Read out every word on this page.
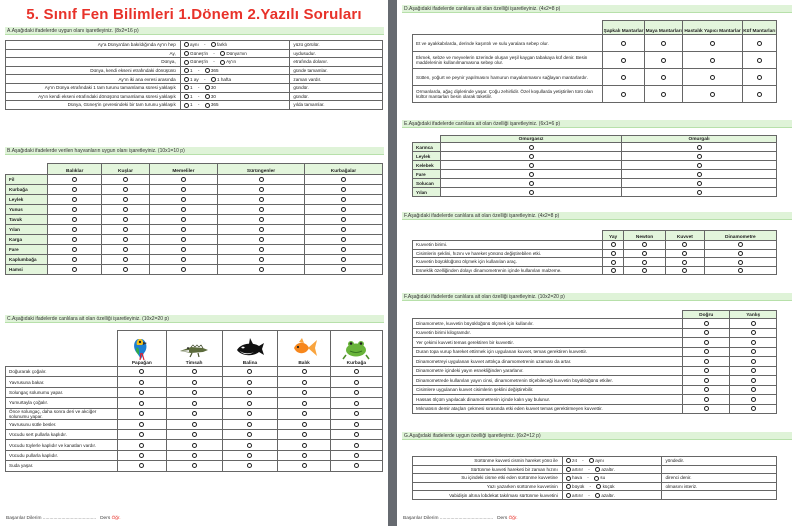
5. Sınıf Fen Bilimleri 1.Dönem 2.Yazılı Soruları
A.Aşağıdaki ifadelerde uygun olanı işaretleyiniz. (8x2=16 p)
Ay'a Dünya'dan bakıldığında Ay'ın hep	aynı - farklı	yüzü görülür.
Ay,	Güneş'in - Dünya'nın	uydusudur.
Dünya,	Güneş'in - Ay'ın	etrafında dolanır.
Dünya, kendi ekseni etrafındaki dönüşünü	1 - 365	günde tamamlar.
Ay'ın iki ana evresi arasında	1 ay - 1 hafta	zaman vardır.
Ay'ın Dünya etrafındaki 1 tam turunu tamamlama süresi yaklaşık	1 - 30	gündür.
Ay'ın kendi ekseni etrafındaki dönüşünü tamamlama süresi yaklaşık	1 - 30	gündür.
Dünya, Güneş'in çevresindeki bir tam turunu yaklaşık	1 - 365	yılda tamamlar.
B.Aşağıdaki ifadelerde verilen hayvanların uygun olanı işaretleyiniz. (10x1=10 p)
	Balıklar	Kuşlar	Memeliler	Sürüngenler	Kurbağalar
Fil					
Kurbağa					
Leylek					
Yunus					
Tavuk					
Yılan					
Karga					
Fare					
Kaplumbağa					
Hamsi					
C.Aşağıdaki ifadelerde canlılara ait olan özelliği işaretleyiniz. (10x2=20 p)

Papağan	Timsah	Balina	Balık	Kurbağa
Doğurarak çoğalır.					
Yavrusuna bakar.					
Solungaç solunumu yapar.					
Yumurtayla çoğalır.					
Önce solungaç, daha sonra deri ve akciğer solunumu yapar.					
Yavrusunu sütle besler.					
Vücudu sert pullarla kaplıdır.					
Vücudu tüylerle kaplıdır ve kanatları vardır.					
Vücudu pullarla kaplıdır.					
Suda yaşar.					
Başarılar Dilerim ........................................ Ders Öğr.
D.Aşağıdaki ifadelerde canlılara ait olan özelliği işaretleyiniz. (4x2=8 p)
	Şapkalı Mantarlar	Maya Mantarları	Hastalık Yapıcı Mantarlar	Küf Mantarları
Et ve ayakkabılarda, derinde kaşıntılı ve sulu yaralara sebep olur.				
Ekmek, sebze ve meyvelerin üzerinde oluşan yeşil kaygan tabakaya küf denir. Besin maddelerinin kullanılmamasına sebep olur.				
Sütten, yoğurt ve peynir yapılmasını hamurun mayalanmasını sağlayan mantarlardır.				
Ormanlarda, ağaç diplerinde yaşar. Çoğu zehirlidir. Özel koşullarda yetiştirilen türü olan kültür mantarları besin olarak tüketilir.				
E.Aşağıdaki ifadelerde canlılara ait olan özelliği işaretleyiniz. (6x1=6 p)
	Omurgasız	Omurgalı
Karınca		
Leylek		
Kelebek		
Fare		
Solucan		
Yılan		
F.Aşağıdaki ifadelerde canlılara ait olan özelliği işaretleyiniz. (4x2=8 p)
	Yay	Newton	Kuvvet	Dinamometre
Kuvvetin birimi.				
Cisimlerin şeklini, hızını ve hareket yönünü değiştirebilen etki.				
Kuvvetin büyüklüğünü ölçmek için kullanılan araç.				
Esneklik özelliğinden dolayı dinamometrenin içinde kullanılan malzeme.				
F.Aşağıdaki ifadelerde canlılara ait olan özelliği işaretleyiniz. (10x2=20 p)
	Doğru	Yanlış
Dinamometre, kuvvetin büyüklüğünü ölçmek için kullanılır.		
Kuvvetin birimi kilogramdır.		
Yer çekimi kuvveti temas gerektiren bir kuvvettir.		
Duran topa vurup hareket ettirmek için uygulanan kuvvet, temas gerektiren kuvvettir.		
Dinamometreyi uygulanan kuvvet arttıkça dinamometrenin uzaması da artar.		
Dinamometre içindeki yayın esnekliğinden yararlanır.		
Dinamometrede kullanılan yayın cinsi, dinamometrenin ölçebileceği kuvvetin büyüklüğünü etkiler.		
Cisimlere uygulanan kuvvet cisimlerin şeklini değiştirebilir.		
Hassas ölçüm yapılacak dinamometrenin içinde kalın yay bulunur.		
Mıknatısın demir ataçları çekmesi sırasında etki eden kuvvet temas gerektirmeyen kuvvettir.		
G.Aşağıdaki ifadelerde uygun özelliği işaretleyiniz. (6x2=12 p)
Sürtünme kuvveti cismin hareket yönü ile	zıt - aynı	yöndedir.
Sürtünme kuvveti hareketi bir zaman hızını	artırır - azaltır.	
Su içindeki cisme etki eden sürtünme kuvvetine	hava - su	direnci denir.
Yazı yazarken sürtünme kuvvetinin	büyük - küçük	olmasını isteriz.
Vabidişin altına lobdekat takılması sürtünme kuvvetini	artırır - azaltır.	
Başarılar Dilerim ........................................ Ders Öğr.
